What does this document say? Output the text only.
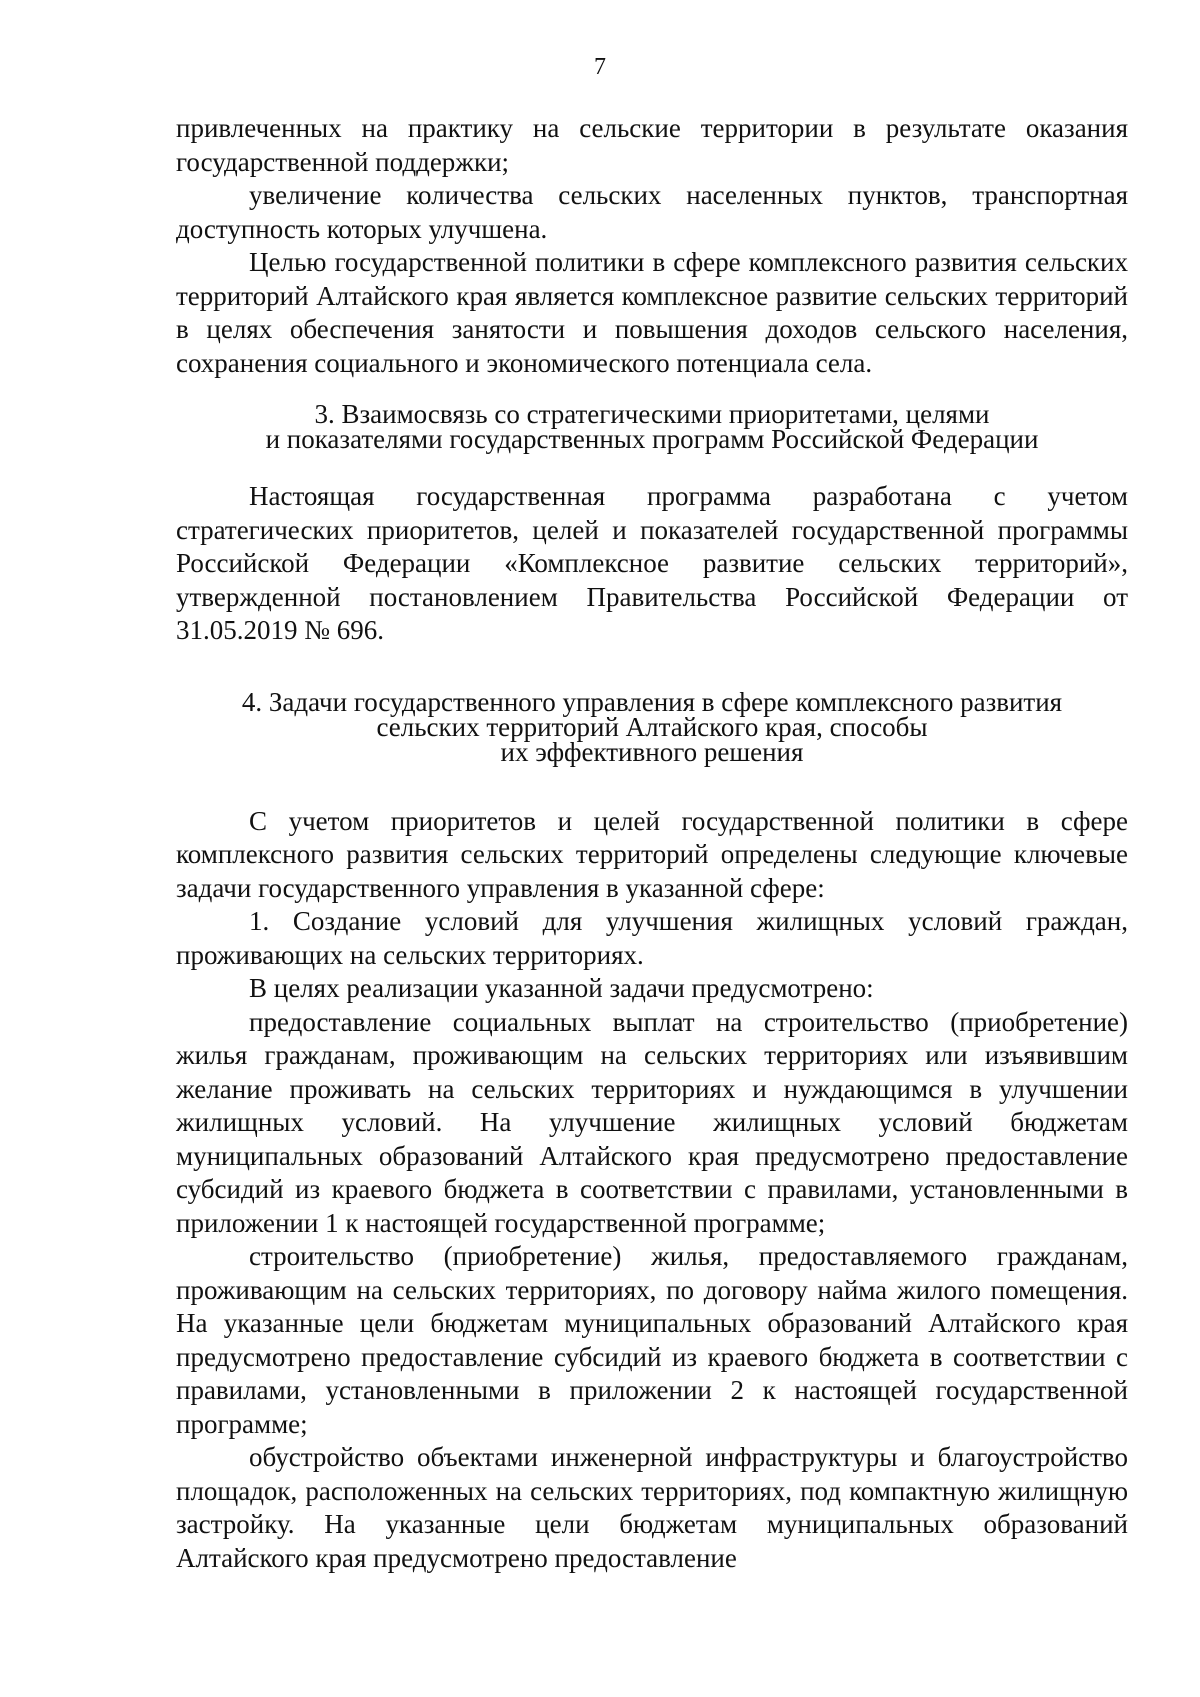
7

привлеченных на практику на сельские территории в результате оказания государственной поддержки;

увеличение количества сельских населенных пунктов, транспортная доступность которых улучшена.

Целью государственной политики в сфере комплексного развития сельских территорий Алтайского края является комплексное развитие сельских территорий в целях обеспечения занятости и повышения доходов сельского населения, сохранения социального и экономического потенциала села.

3. Взаимосвязь со стратегическими приоритетами, целями
и показателями государственных программ Российской Федерации

Настоящая государственная программа разработана с учетом стратегических приоритетов, целей и показателей государственной программы Российской Федерации «Комплексное развитие сельских территорий», утвержденной постановлением Правительства Российской Федерации от 31.05.2019 № 696.

4. Задачи государственного управления в сфере комплексного развития
сельских территорий Алтайского края, способы
их эффективного решения

С учетом приоритетов и целей государственной политики в сфере комплексного развития сельских территорий определены следующие ключевые задачи государственного управления в указанной сфере:

1. Создание условий для улучшения жилищных условий граждан, проживающих на сельских территориях.

В целях реализации указанной задачи предусмотрено:

предоставление социальных выплат на строительство (приобретение) жилья гражданам, проживающим на сельских территориях или изъявившим желание проживать на сельских территориях и нуждающимся в улучшении жилищных условий. На улучшение жилищных условий бюджетам муниципальных образований Алтайского края предусмотрено предоставление субсидий из краевого бюджета в соответствии с правилами, установленными в приложении 1 к настоящей государственной программе;

строительство (приобретение) жилья, предоставляемого гражданам, проживающим на сельских территориях, по договору найма жилого помещения. На указанные цели бюджетам муниципальных образований Алтайского края предусмотрено предоставление субсидий из краевого бюджета в соответствии с правилами, установленными в приложении 2 к настоящей государственной программе;

обустройство объектами инженерной инфраструктуры и благоустройство площадок, расположенных на сельских территориях, под компактную жилищную застройку. На указанные цели бюджетам муниципальных образований Алтайского края предусмотрено предоставление
